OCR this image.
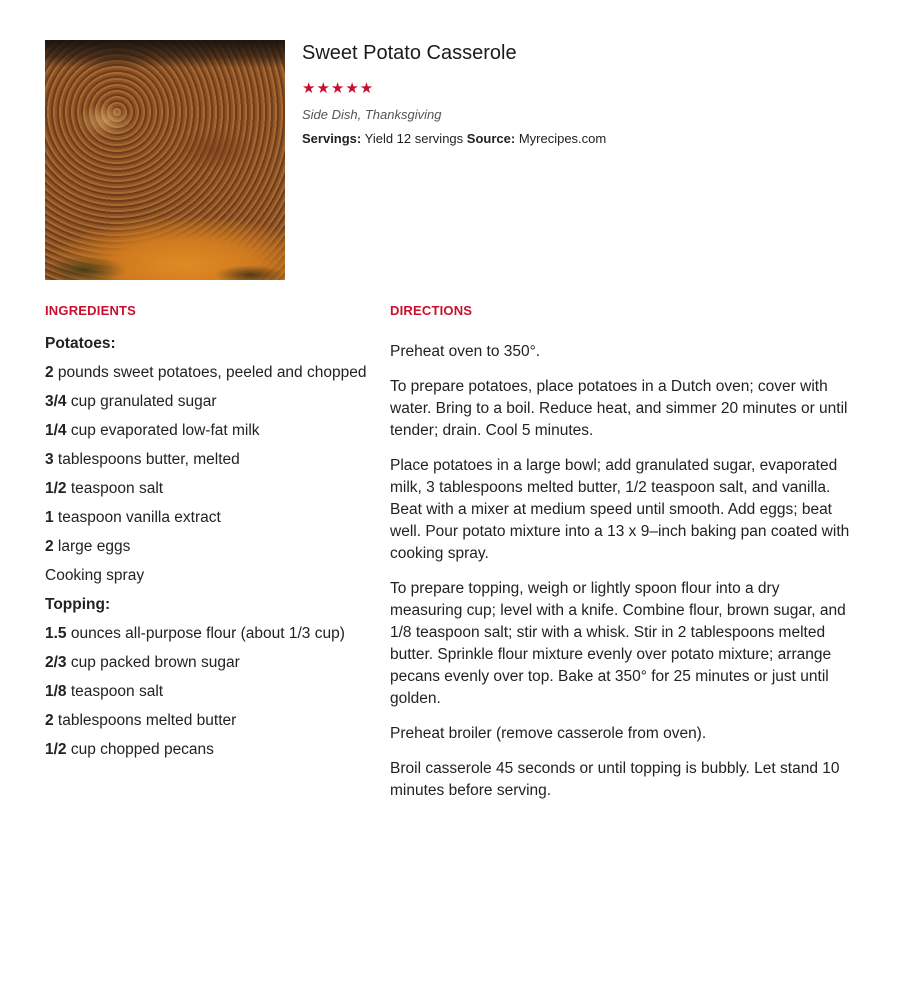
Sweet Potato Casserole
★★★★★
Side Dish, Thanksgiving
Servings: Yield 12 servings Source: Myrecipes.com
INGREDIENTS	DIRECTIONS
Potatoes:
2 pounds sweet potatoes, peeled and chopped
3/4 cup granulated sugar
1/4 cup evaporated low-fat milk
3 tablespoons butter, melted
1/2 teaspoon salt
1 teaspoon vanilla extract
2 large eggs
Cooking spray
Topping:
1.5 ounces all-purpose flour (about 1/3 cup)
2/3 cup packed brown sugar
1/8 teaspoon salt
2 tablespoons melted butter
1/2 cup chopped pecans

Preheat oven to 350°.

To prepare potatoes, place potatoes in a Dutch oven; cover with water. Bring to a boil. Reduce heat, and simmer 20 minutes or until tender; drain. Cool 5 minutes.

Place potatoes in a large bowl; add granulated sugar, evaporated milk, 3 tablespoons melted butter, 1/2 teaspoon salt, and vanilla. Beat with a mixer at medium speed until smooth. Add eggs; beat well. Pour potato mixture into a 13 x 9–inch baking pan coated with cooking spray.

To prepare topping, weigh or lightly spoon flour into a dry measuring cup; level with a knife. Combine flour, brown sugar, and 1/8 teaspoon salt; stir with a whisk. Stir in 2 tablespoons melted butter. Sprinkle flour mixture evenly over potato mixture; arrange pecans evenly over top. Bake at 350° for 25 minutes or just until golden.

Preheat broiler (remove casserole from oven).

Broil casserole 45 seconds or until topping is bubbly. Let stand 10 minutes before serving.
